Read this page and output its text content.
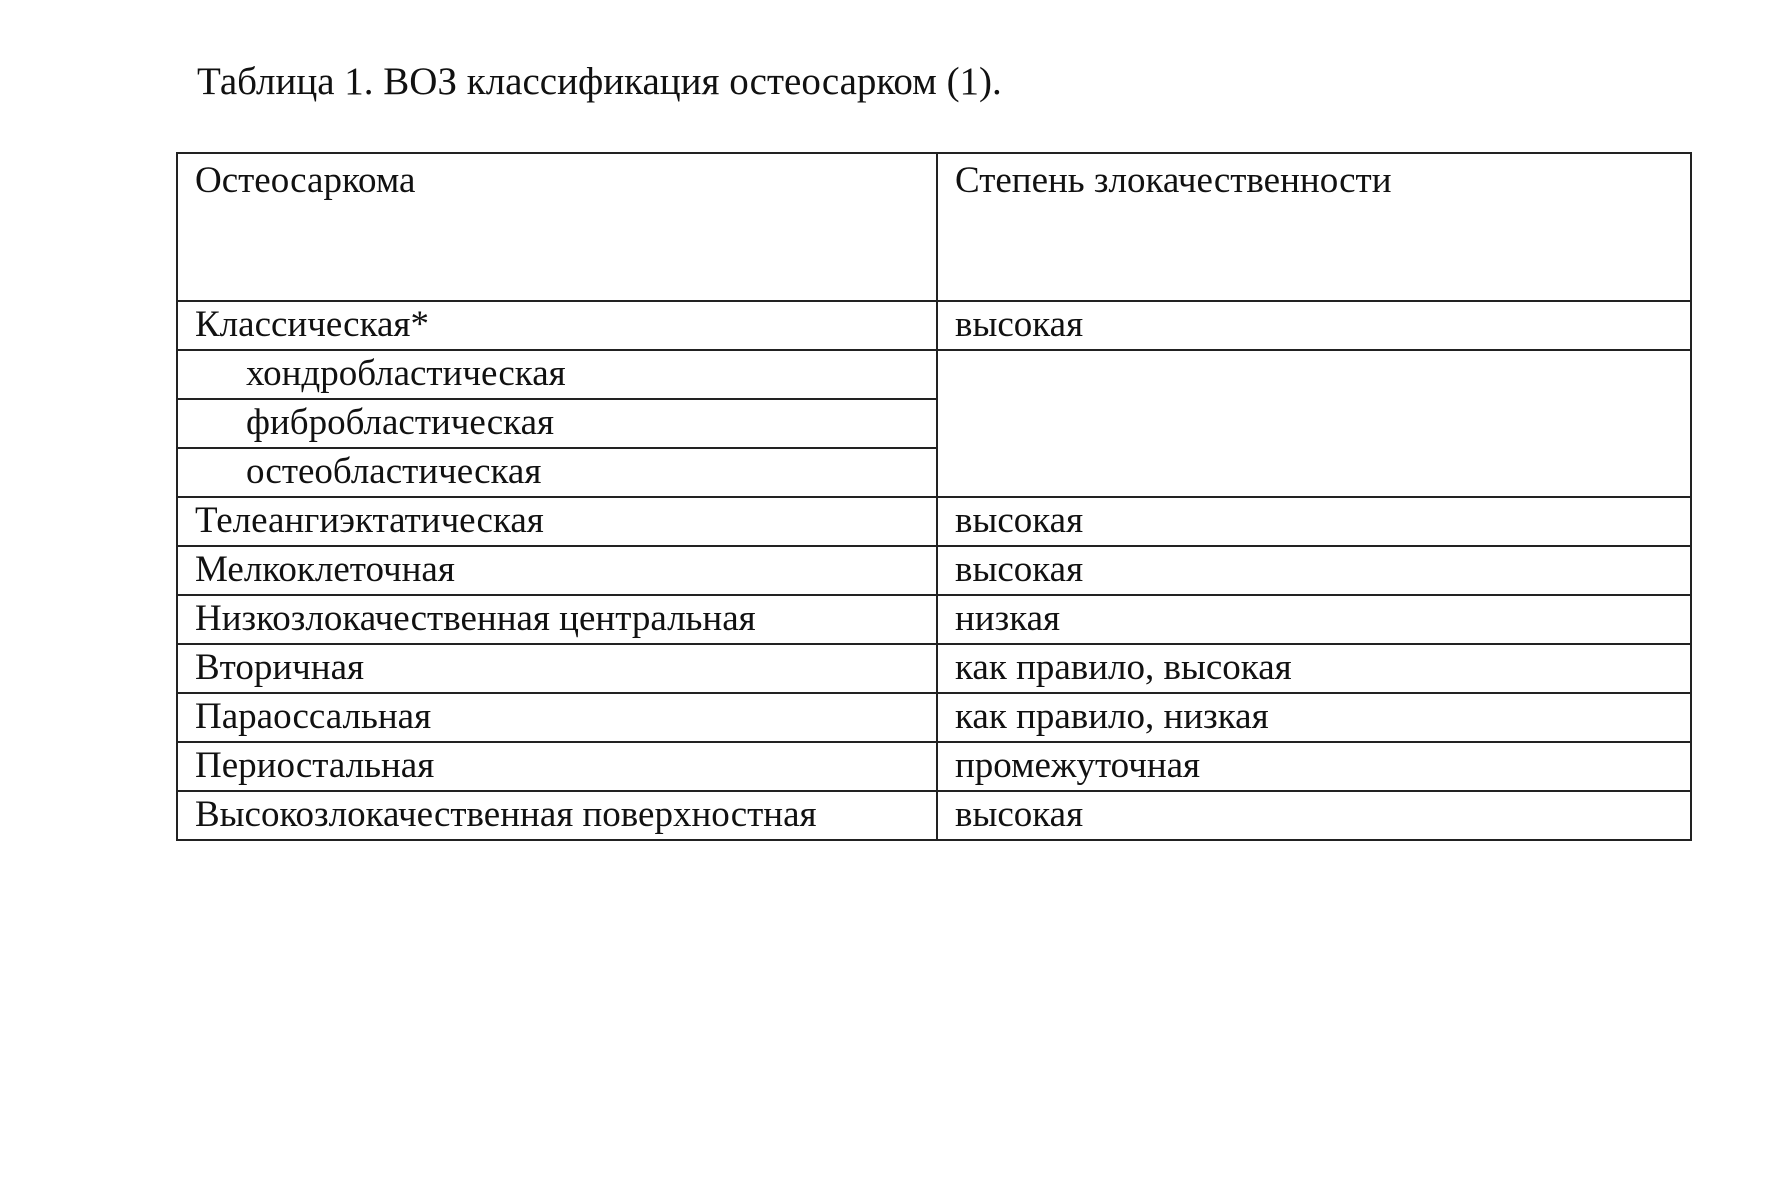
Таблица 1. ВОЗ классификация остеосарком (1).
Остеосаркома	Степень злокачественности
Классическая*	высокая
хондробластическая	
фибробластическая	
остеобластическая	
Телеангиэктатическая	высокая
Мелкоклеточная	высокая
Низкозлокачественная центральная	низкая
Вторичная	как правило, высокая
Параоссальная	как правило, низкая
Периостальная	промежуточная
Высокозлокачественная поверхностная	высокая
